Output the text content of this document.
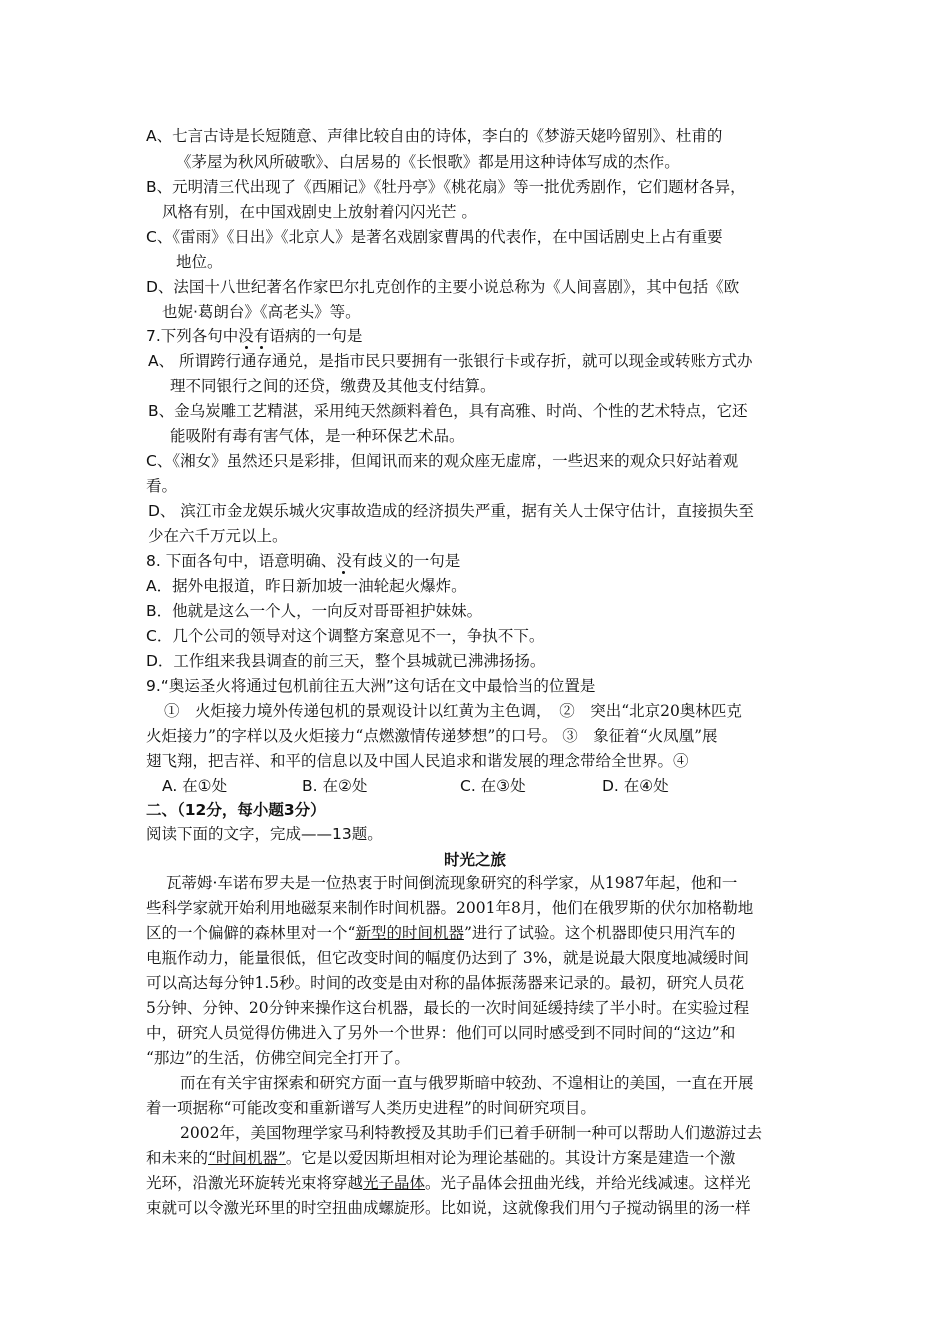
A、七言古诗是长短随意、声律比较自由的诗体，李白的《梦游天姥吟留别》、杜甫的
《茅屋为秋风所破歌》、白居易的《长恨歌》都是用这种诗体写成的杰作。
B、元明清三代出现了《西厢记》《牡丹亭》《桃花扇》等一批优秀剧作，它们题材各异，
风格有别，在中国戏剧史上放射着闪闪光芒 。
C、《雷雨》《日出》《北京人》是著名戏剧家曹禺的代表作，在中国话剧史上占有重要
地位。
D、法国十八世纪著名作家巴尔扎克创作的主要小说总称为《人间喜剧》，其中包括《欧
也妮·葛朗台》《高老头》等。
7.下列各句中没有语病的一句是
A、 所谓跨行通存通兑，是指市民只要拥有一张银行卡或存折，就可以现金或转账方式办
理不同银行之间的还贷，缴费及其他支付结算。
B、金乌炭雕工艺精湛，采用纯天然颜料着色，具有高雅、时尚、个性的艺术特点，它还
能吸附有毒有害气体，是一种环保艺术品。
C、《湘女》虽然还只是彩排，但闻讯而来的观众座无虚席，一些迟来的观众只好站着观
看。
D、 滨江市金龙娱乐城火灾事故造成的经济损失严重，据有关人士保守估计，直接损失至
少在六千万元以上。
8. 下面各句中，语意明确、没有歧义的一句是
A．据外电报道，昨日新加坡一油轮起火爆炸。
B．他就是这么一个人，一向反对哥哥袒护妹妹。
C．几个公司的领导对这个调整方案意见不一，争执不下。
D．工作组来我县调查的前三天，整个县城就已沸沸扬扬。
9.“奥运圣火将通过包机前往五大洲”这句话在文中最恰当的位置是
①　火炬接力境外传递包机的景观设计以红黄为主色调，　②　突出“北京20奥林匹克
火炬接力”的字样以及火炬接力“点燃激情传递梦想”的口号。 ③　象征着“火凤凰”展
翅飞翔，把吉祥、和平的信息以及中国人民追求和谐发展的理念带给全世界。④
A. 在①处	B. 在②处	C. 在③处	D. 在④处
二、（12分，每小题3分）
阅读下面的文字，完成——13题。
时光之旅
瓦蒂姆·车诺布罗夫是一位热衷于时间倒流现象研究的科学家，从1987年起，他和一
些科学家就开始利用地磁泵来制作时间机器。2001年8月，他们在俄罗斯的伏尔加格勒地
区的一个偏僻的森林里对一个“新型的时间机器”进行了试验。这个机器即使只用汽车的
电瓶作动力，能量很低，但它改变时间的幅度仍达到了 3%，就是说最大限度地减缓时间
可以高达每分钟1.5秒。时间的改变是由对称的晶体振荡器来记录的。最初，研究人员花
5分钟、分钟、20分钟来操作这台机器，最长的一次时间延缓持续了半小时。在实验过程
中，研究人员觉得仿佛进入了另外一个世界：他们可以同时感受到不同时间的“这边”和
“那边”的生活，仿佛空间完全打开了。
而在有关宇宙探索和研究方面一直与俄罗斯暗中较劲、不遑相让的美国，一直在开展
着一项据称“可能改变和重新谱写人类历史进程”的时间研究项目。
2002年，美国物理学家马利特教授及其助手们已着手研制一种可以帮助人们遨游过去
和未来的“时间机器”。它是以爱因斯坦相对论为理论基础的。其设计方案是建造一个激
光环，沿激光环旋转光束将穿越光子晶体。光子晶体会扭曲光线，并给光线减速。这样光
束就可以令激光环里的时空扭曲成螺旋形。比如说，这就像我们用勺子搅动锅里的汤一样
